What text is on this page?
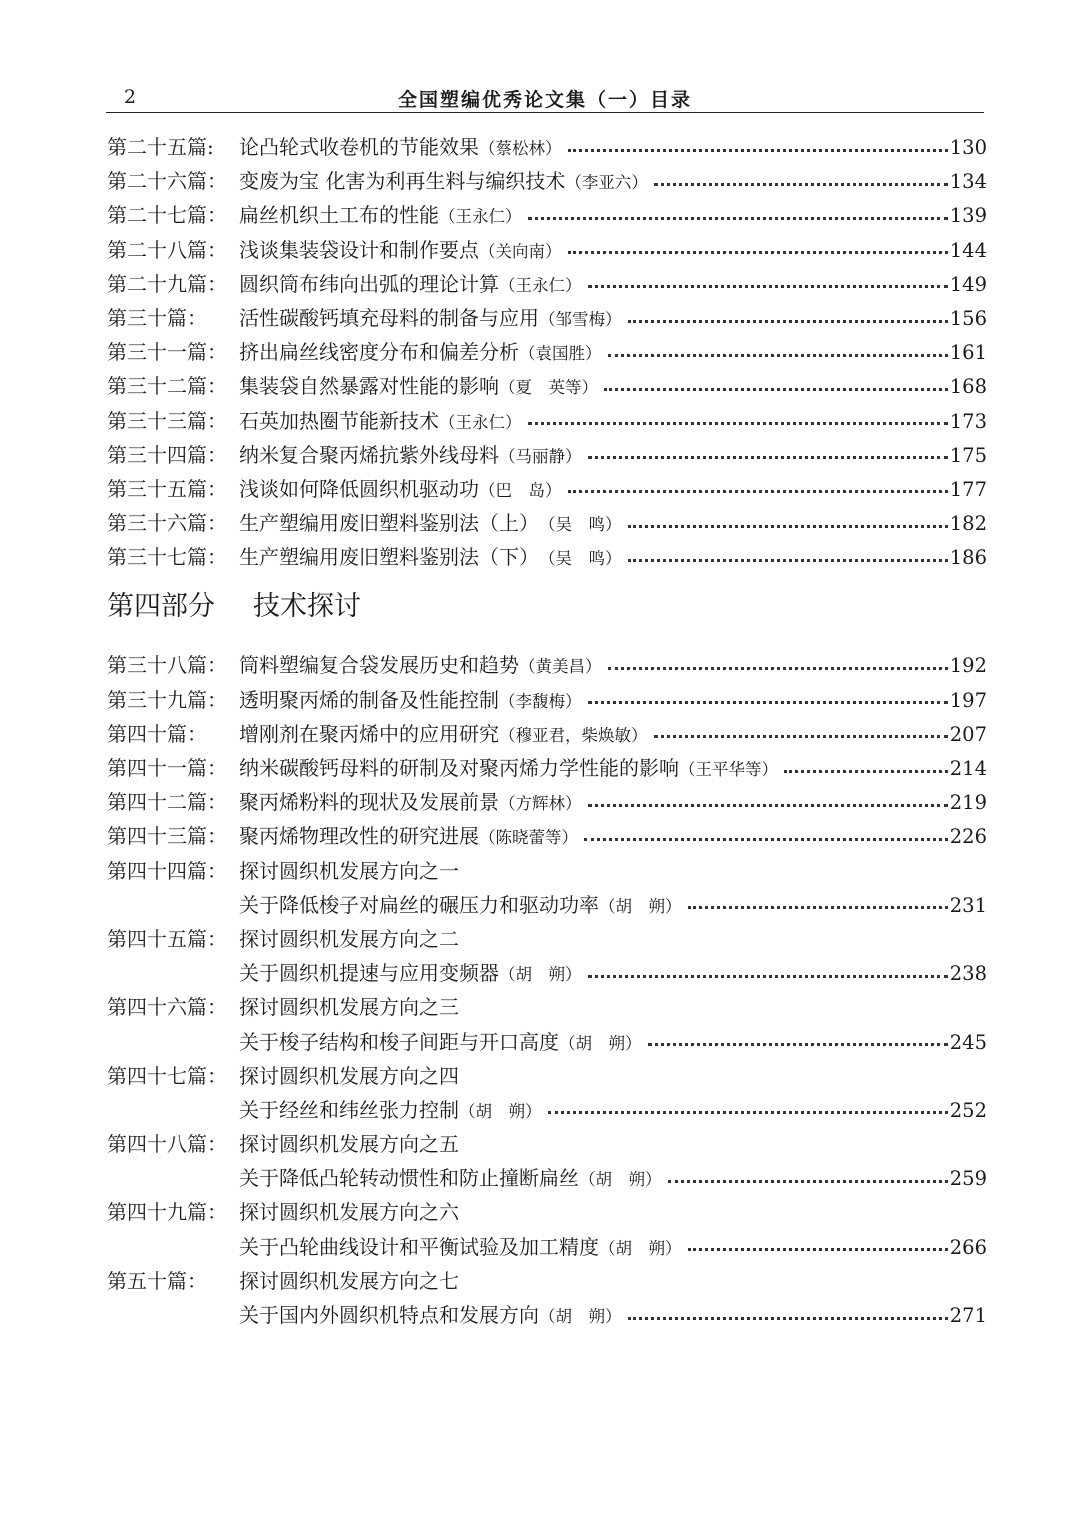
2	全国塑编优秀论文集（一）目录
第二十五篇:	论凸轮式收卷机的节能效果 （蔡松林）	130
第二十六篇： 变废为宝 化害为利再生料与编织技术 （李亚六）	134
第二十七篇： 扁丝机织土工布的性能 （王永仁）	139
第二十八篇： 浅谈集装袋设计和制作要点 （关向南）	144
第二十九篇： 圆织筒布纬向出弧的理论计算 （王永仁）	149
第三十篇：	活性碳酸钙填充母料的制备与应用 （邹雪梅）	156
第三十一篇： 挤出扁丝线密度分布和偏差分析 （袁国胜）	161
第三十二篇： 集装袋自然暴露对性能的影响 （夏　英等）	168
第三十三篇： 石英加热圈节能新技术 （王永仁）	173
第三十四篇： 纳米复合聚丙烯抗紫外线母料 （马丽静）	175
第三十五篇： 浅谈如何降低圆织机驱动功 （巴　岛）	177
第三十六篇： 生产塑编用废旧塑料鉴别法（上） （吴　鸣）	182
第三十七篇： 生产塑编用废旧塑料鉴别法（下） （吴　鸣）	186
第四部分 技术探讨
第三十八篇： 筒料塑编复合袋发展历史和趋势 （黄美昌）	192
第三十九篇： 透明聚丙烯的制备及性能控制 （李馥梅）	197
第四十篇：	增刚剂在聚丙烯中的应用研究 （穆亚君，柴焕敏）	207
第四十一篇： 纳米碳酸钙母料的研制及对聚丙烯力学性能的影响 （王平华等）	214
第四十二篇： 聚丙烯粉料的现状及发展前景 （方辉林）	219
第四十三篇： 聚丙烯物理改性的研究进展 （陈晓蕾等）	226
第四十四篇： 探讨圆织机发展方向之一
关于降低梭子对扁丝的碾压力和驱动功率 （胡　朔）	231
第四十五篇： 探讨圆织机发展方向之二
关于圆织机提速与应用变频器 （胡　朔）	238
第四十六篇： 探讨圆织机发展方向之三
关于梭子结构和梭子间距与开口高度 （胡　朔）	245
第四十七篇： 探讨圆织机发展方向之四
关于经丝和纬丝张力控制 （胡　朔）	252
第四十八篇： 探讨圆织机发展方向之五
关于降低凸轮转动惯性和防止撞断扁丝 （胡　朔）	259
第四十九篇： 探讨圆织机发展方向之六
关于凸轮曲线设计和平衡试验及加工精度 （胡　朔）	266
第五十篇：	探讨圆织机发展方向之七
关于国内外圆织机特点和发展方向 （胡　朔）	271
